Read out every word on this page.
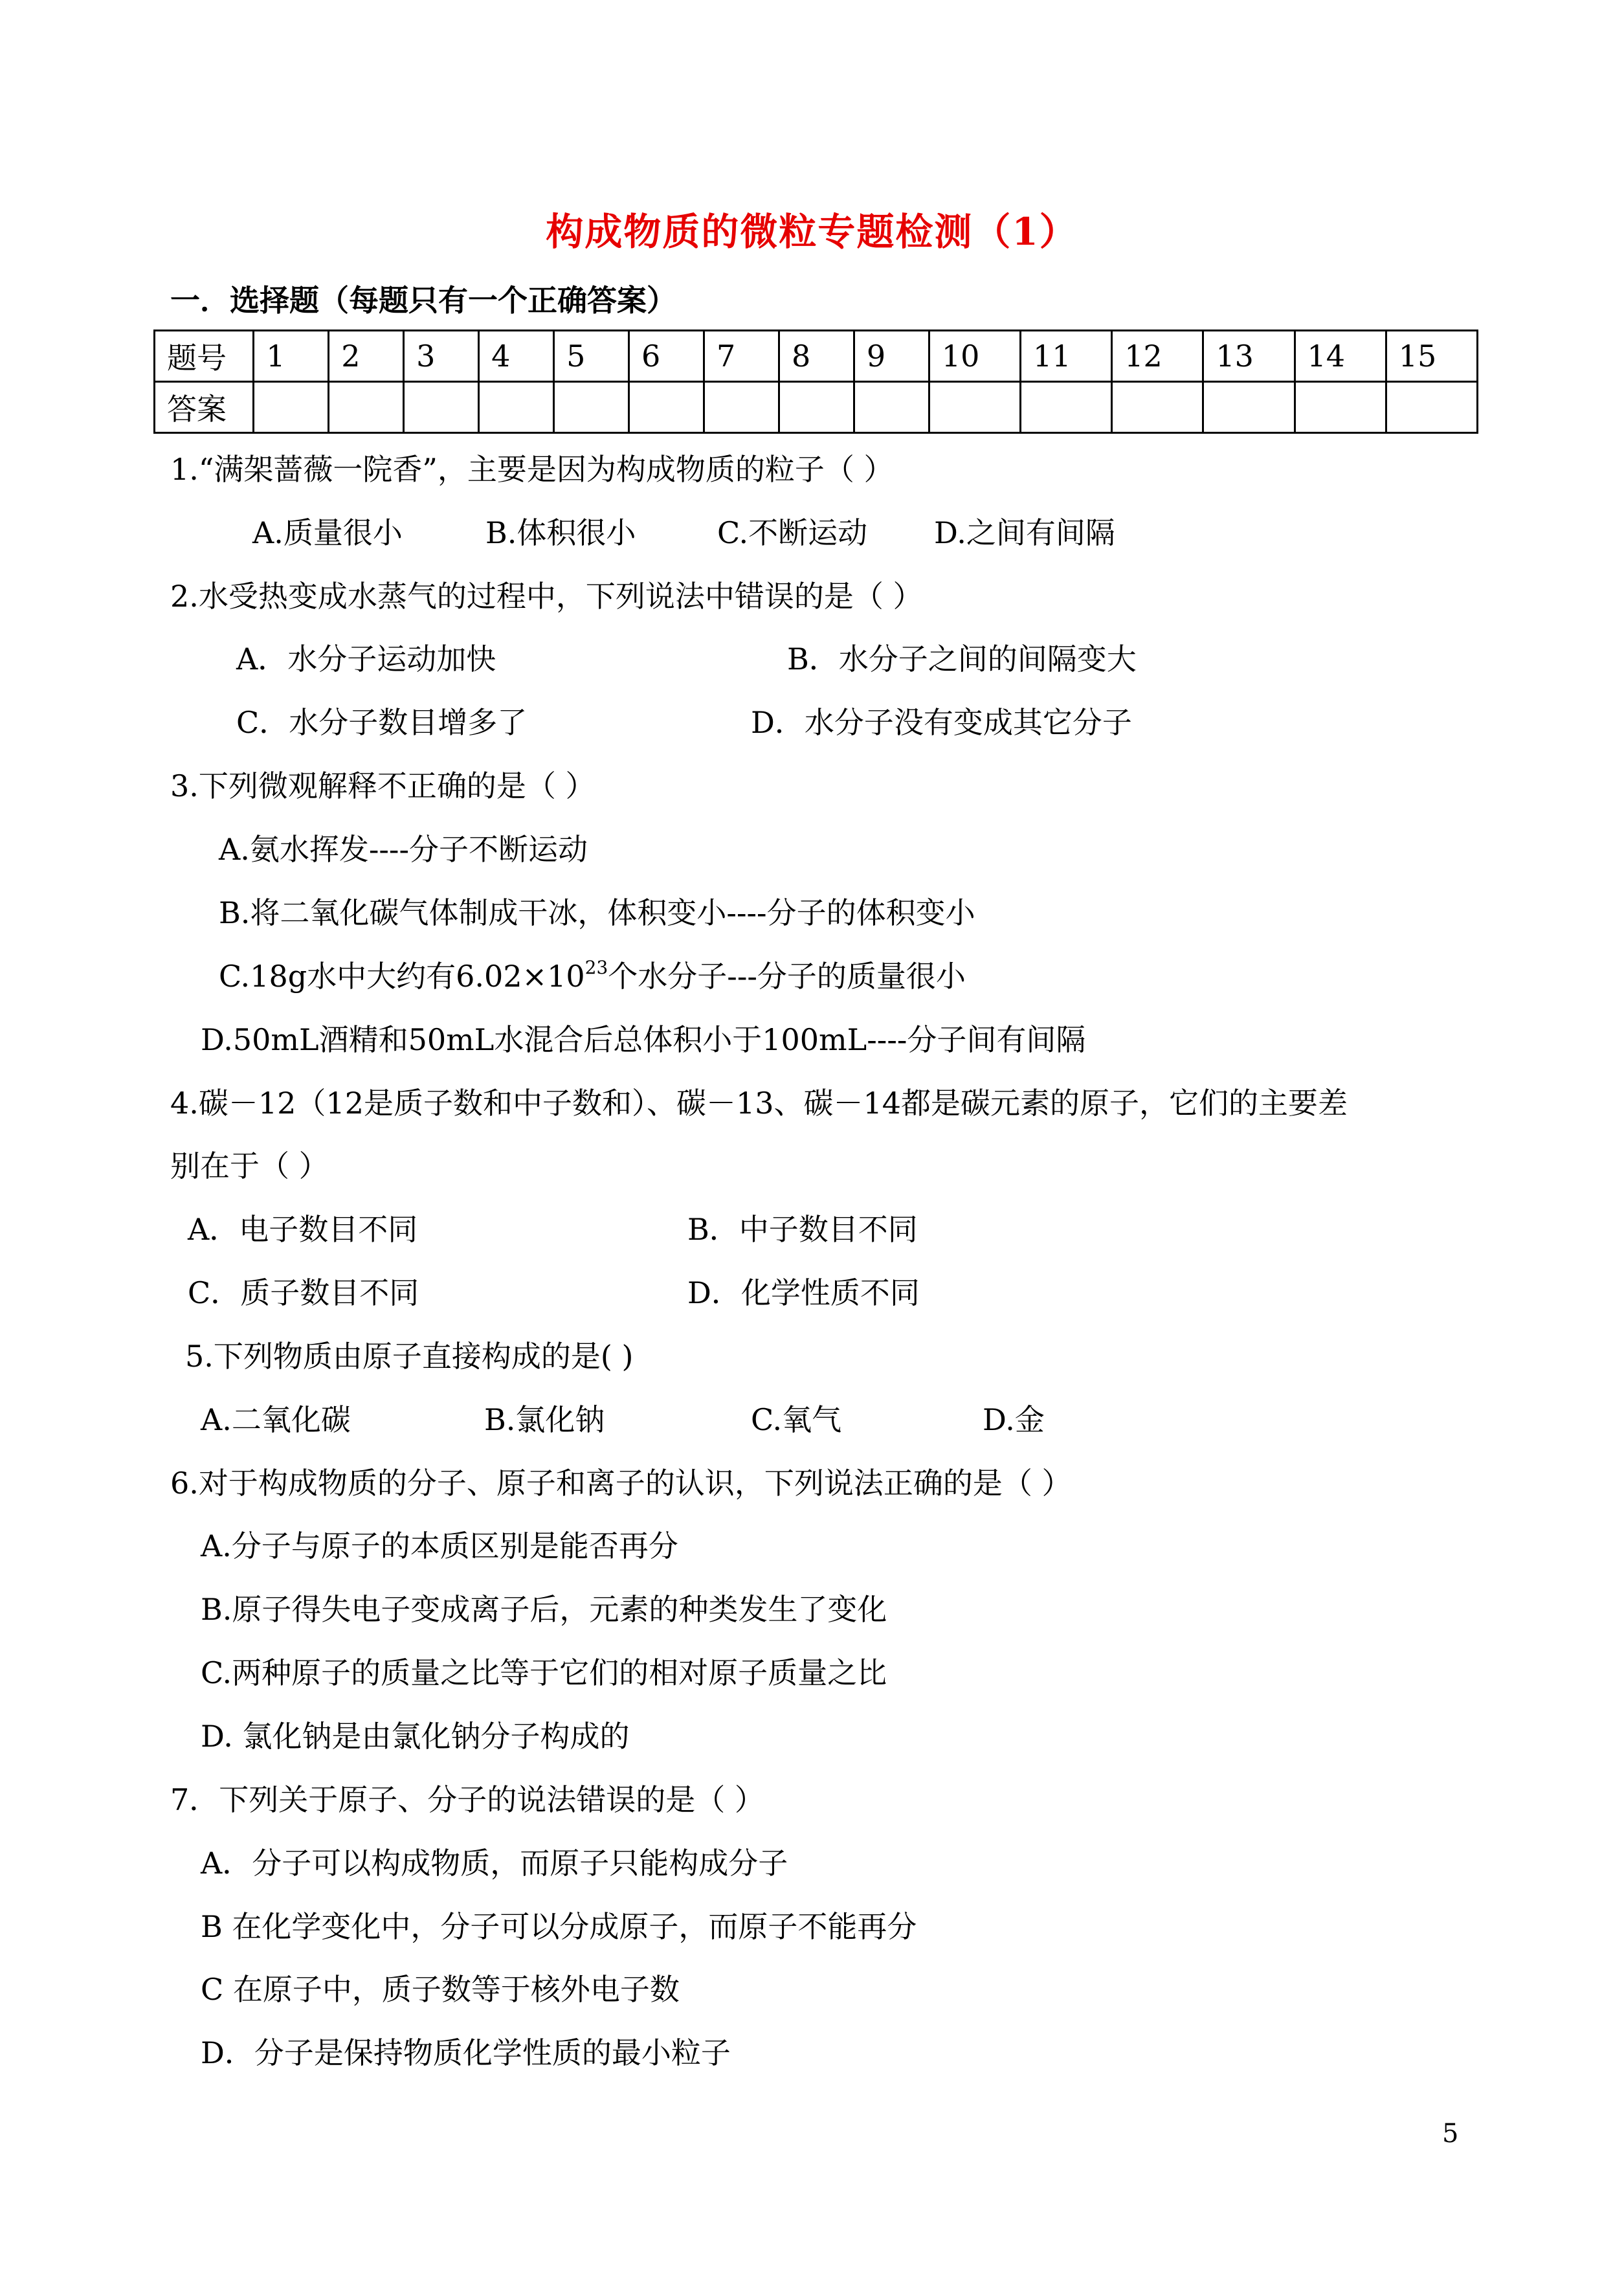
构成物质的微粒专题检测（1）
一．选择题（每题只有一个正确答案）
题号	1	2	3	4	5	6	7	8	9	10	11	12	13	14	15
答案															
1.“满架蔷薇一院香”，主要是因为构成物质的粒子（ ）
A.质量很小	B.体积很小	C.不断运动 D.之间有间隔
2.水受热变成水蒸气的过程中，下列说法中错误的是（ ）
A．水分子运动加快	B．水分子之间的间隔变大
C．水分子数目增多了	D．水分子没有变成其它分子
3.下列微观解释不正确的是（ ）
A.氨水挥发----分子不断运动
B.将二氧化碳气体制成干冰，体积变小----分子的体积变小
C.18g水中大约有$6.02\times 10^{23}$个水分子---分子的质量很小
D.50mL酒精和50mL水混合后总体积小于100mL----分子间有间隔
4.碳－12（12是质子数和中子数和）、碳－13、碳－14都是碳元素的原子，它们的主要差
别在于（ ）
A．电子数目不同	B．中子数目不同
C．质子数目不同	D．化学性质不同
5.下列物质由原子直接构成的是( )
A.二氧化碳	B.氯化钠	C.氧气	D.金
6.对于构成物质的分子、原子和离子的认识，下列说法正确的是（ ）
A.分子与原子的本质区别是能否再分
B.原子得失电子变成离子后，元素的种类发生了变化
C.两种原子的质量之比等于它们的相对原子质量之比
D. 氯化钠是由氯化钠分子构成的
7．下列关于原子、分子的说法错误的是（ ）
A．分子可以构成物质，而原子只能构成分子
B 在化学变化中，分子可以分成原子，而原子不能再分
C 在原子中，质子数等于核外电子数
D．分子是保持物质化学性质的最小粒子
5
